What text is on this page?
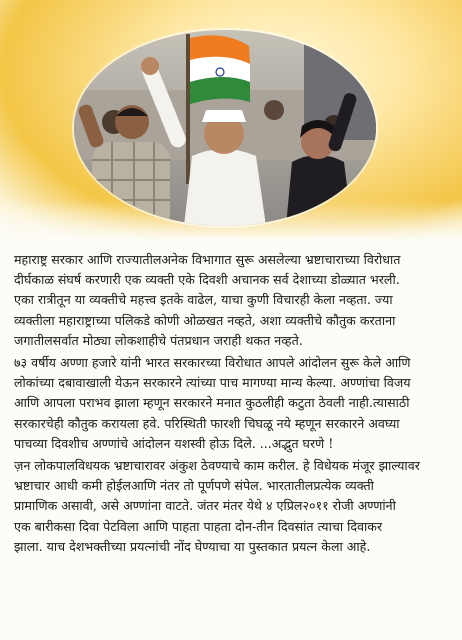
महाराष्ट्र सरकार आणि राज्यातीलअनेक विभागात सुरू असलेल्या भ्रष्टाचाराच्या विरोधात
दीर्घकाळ संघर्ष करणारी एक व्यक्ती एके दिवशी अचानक सर्व देशाच्या डोळ्यात भरली.
एका रात्रीतून या व्यक्तीचे महत्त्व इतके वाढेल, याचा कुणी विचारही केला नव्हता. ज्या
व्यक्तीला महाराष्ट्राच्या पलिकडे कोणी ओळखत नव्हते, अशा व्यक्तीचे कौतुक करताना
जगातीलसर्वात मोठ्या लोकशाहीचे पंतप्रधान जराही थकत नव्हते.

७३ वर्षीय अण्णा हजारे यांनी भारत सरकारच्या विरोधात आपले आंदोलन सुरू केले आणि
लोकांच्या दबावाखाली येऊन सरकारने त्यांच्या पाच मागण्या मान्य केल्या. अण्णांचा विजय
आणि आपला पराभव झाला म्हणून सरकारने मनात कुठलीही कटुता ठेवली नाही.त्यासाठी
सरकारचेही कौतुक करायला हवे. परिस्थिती फारशी चिघळू नये म्हणून सरकारने अवघ्या
पाचव्या दिवशीच अण्णांचे आंदोलन यशस्वी होऊ दिले. ...अद्भुत घरणे !

ज़न लोकपालविधयक भ्रष्टाचारावर अंकुश ठेवण्याचे काम करील. हे विधेयक मंजूर झाल्यावर
भ्रष्टाचार आधी कमी होईलआणि नंतर तो पूर्णपणे संपेल. भारतातीलप्रत्येक व्यक्ती
प्रामाणिक असावी, असे अण्णांना वाटते. जंतर मंतर येथे ४ एप्रिल२०११ रोजी अण्णांनी
एक बारीकसा दिवा पेटविला आणि पाहता पाहता दोन-तीन दिवसांत त्याचा दिवाकर
झाला. याच देशभक्तीच्या प्रयत्नांची नोंद घेण्याचा या पुस्तकात प्रयत्न केला आहे.
